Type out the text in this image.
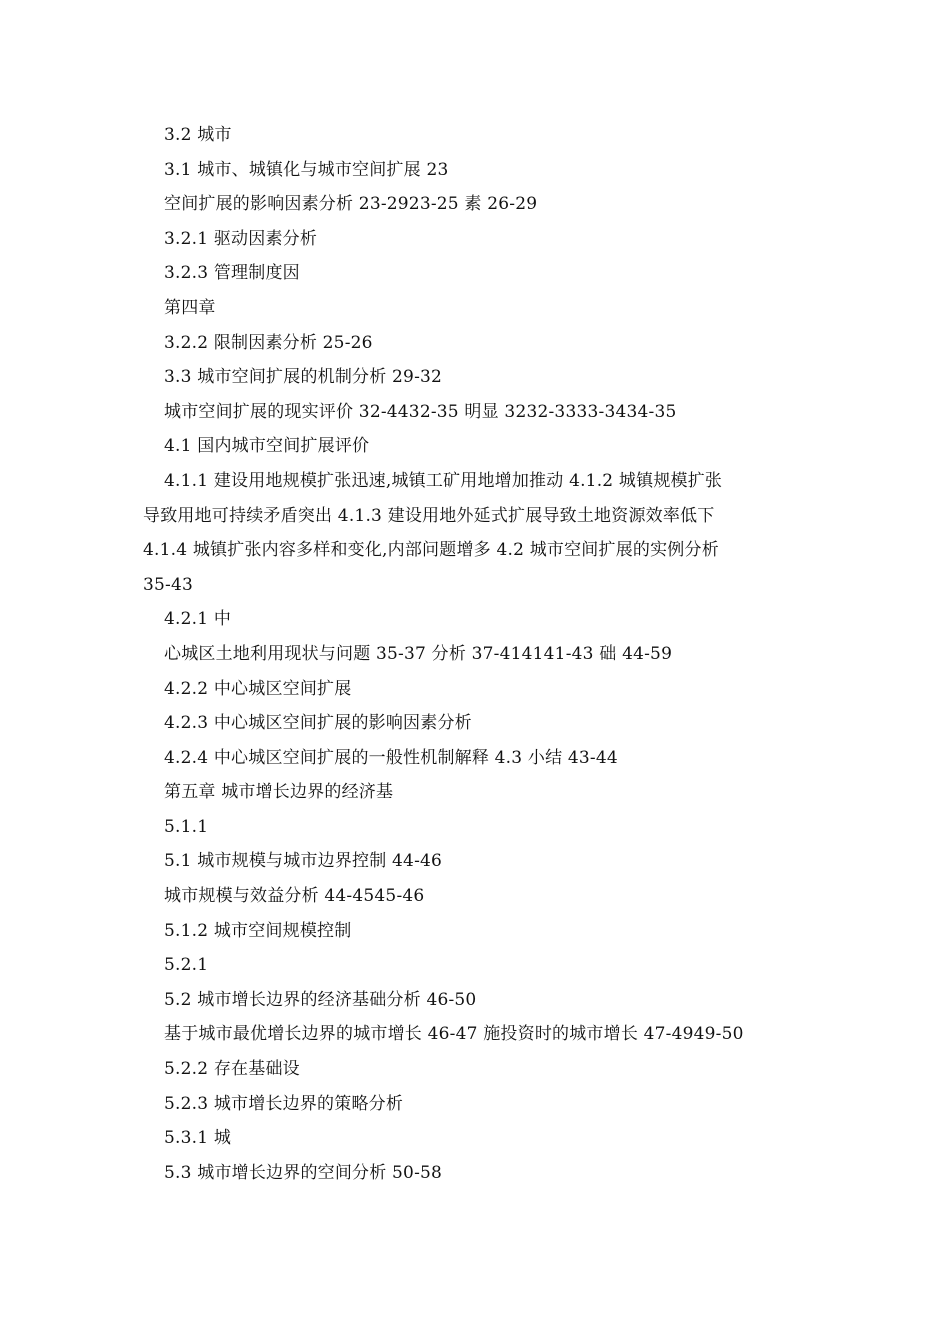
3.2 城市
3.1 城市、城镇化与城市空间扩展 23
空间扩展的影响因素分析 23-2923-25 素 26-29
3.2.1 驱动因素分析
3.2.3 管理制度因
第四章
3.2.2 限制因素分析 25-26
3.3 城市空间扩展的机制分析 29-32
城市空间扩展的现实评价 32-4432-35 明显 3232-3333-3434-35
4.1 国内城市空间扩展评价
4.1.1 建设用地规模扩张迅速,城镇工矿用地增加推动 4.1.2 城镇规模扩张
导致用地可持续矛盾突出 4.1.3 建设用地外延式扩展导致土地资源效率低下
4.1.4 城镇扩张内容多样和变化,内部问题增多 4.2 城市空间扩展的实例分析
35-43
4.2.1 中
心城区土地利用现状与问题 35-37 分析 37-414141-43 础 44-59
4.2.2 中心城区空间扩展
4.2.3 中心城区空间扩展的影响因素分析
4.2.4 中心城区空间扩展的一般性机制解释 4.3 小结 43-44
第五章 城市增长边界的经济基
5.1.1
5.1 城市规模与城市边界控制 44-46
城市规模与效益分析 44-4545-46
5.1.2 城市空间规模控制
5.2.1
5.2 城市增长边界的经济基础分析 46-50
基于城市最优增长边界的城市增长 46-47 施投资时的城市增长 47-4949-50
5.2.2 存在基础设
5.2.3 城市增长边界的策略分析
5.3.1 城
5.3 城市增长边界的空间分析 50-58
